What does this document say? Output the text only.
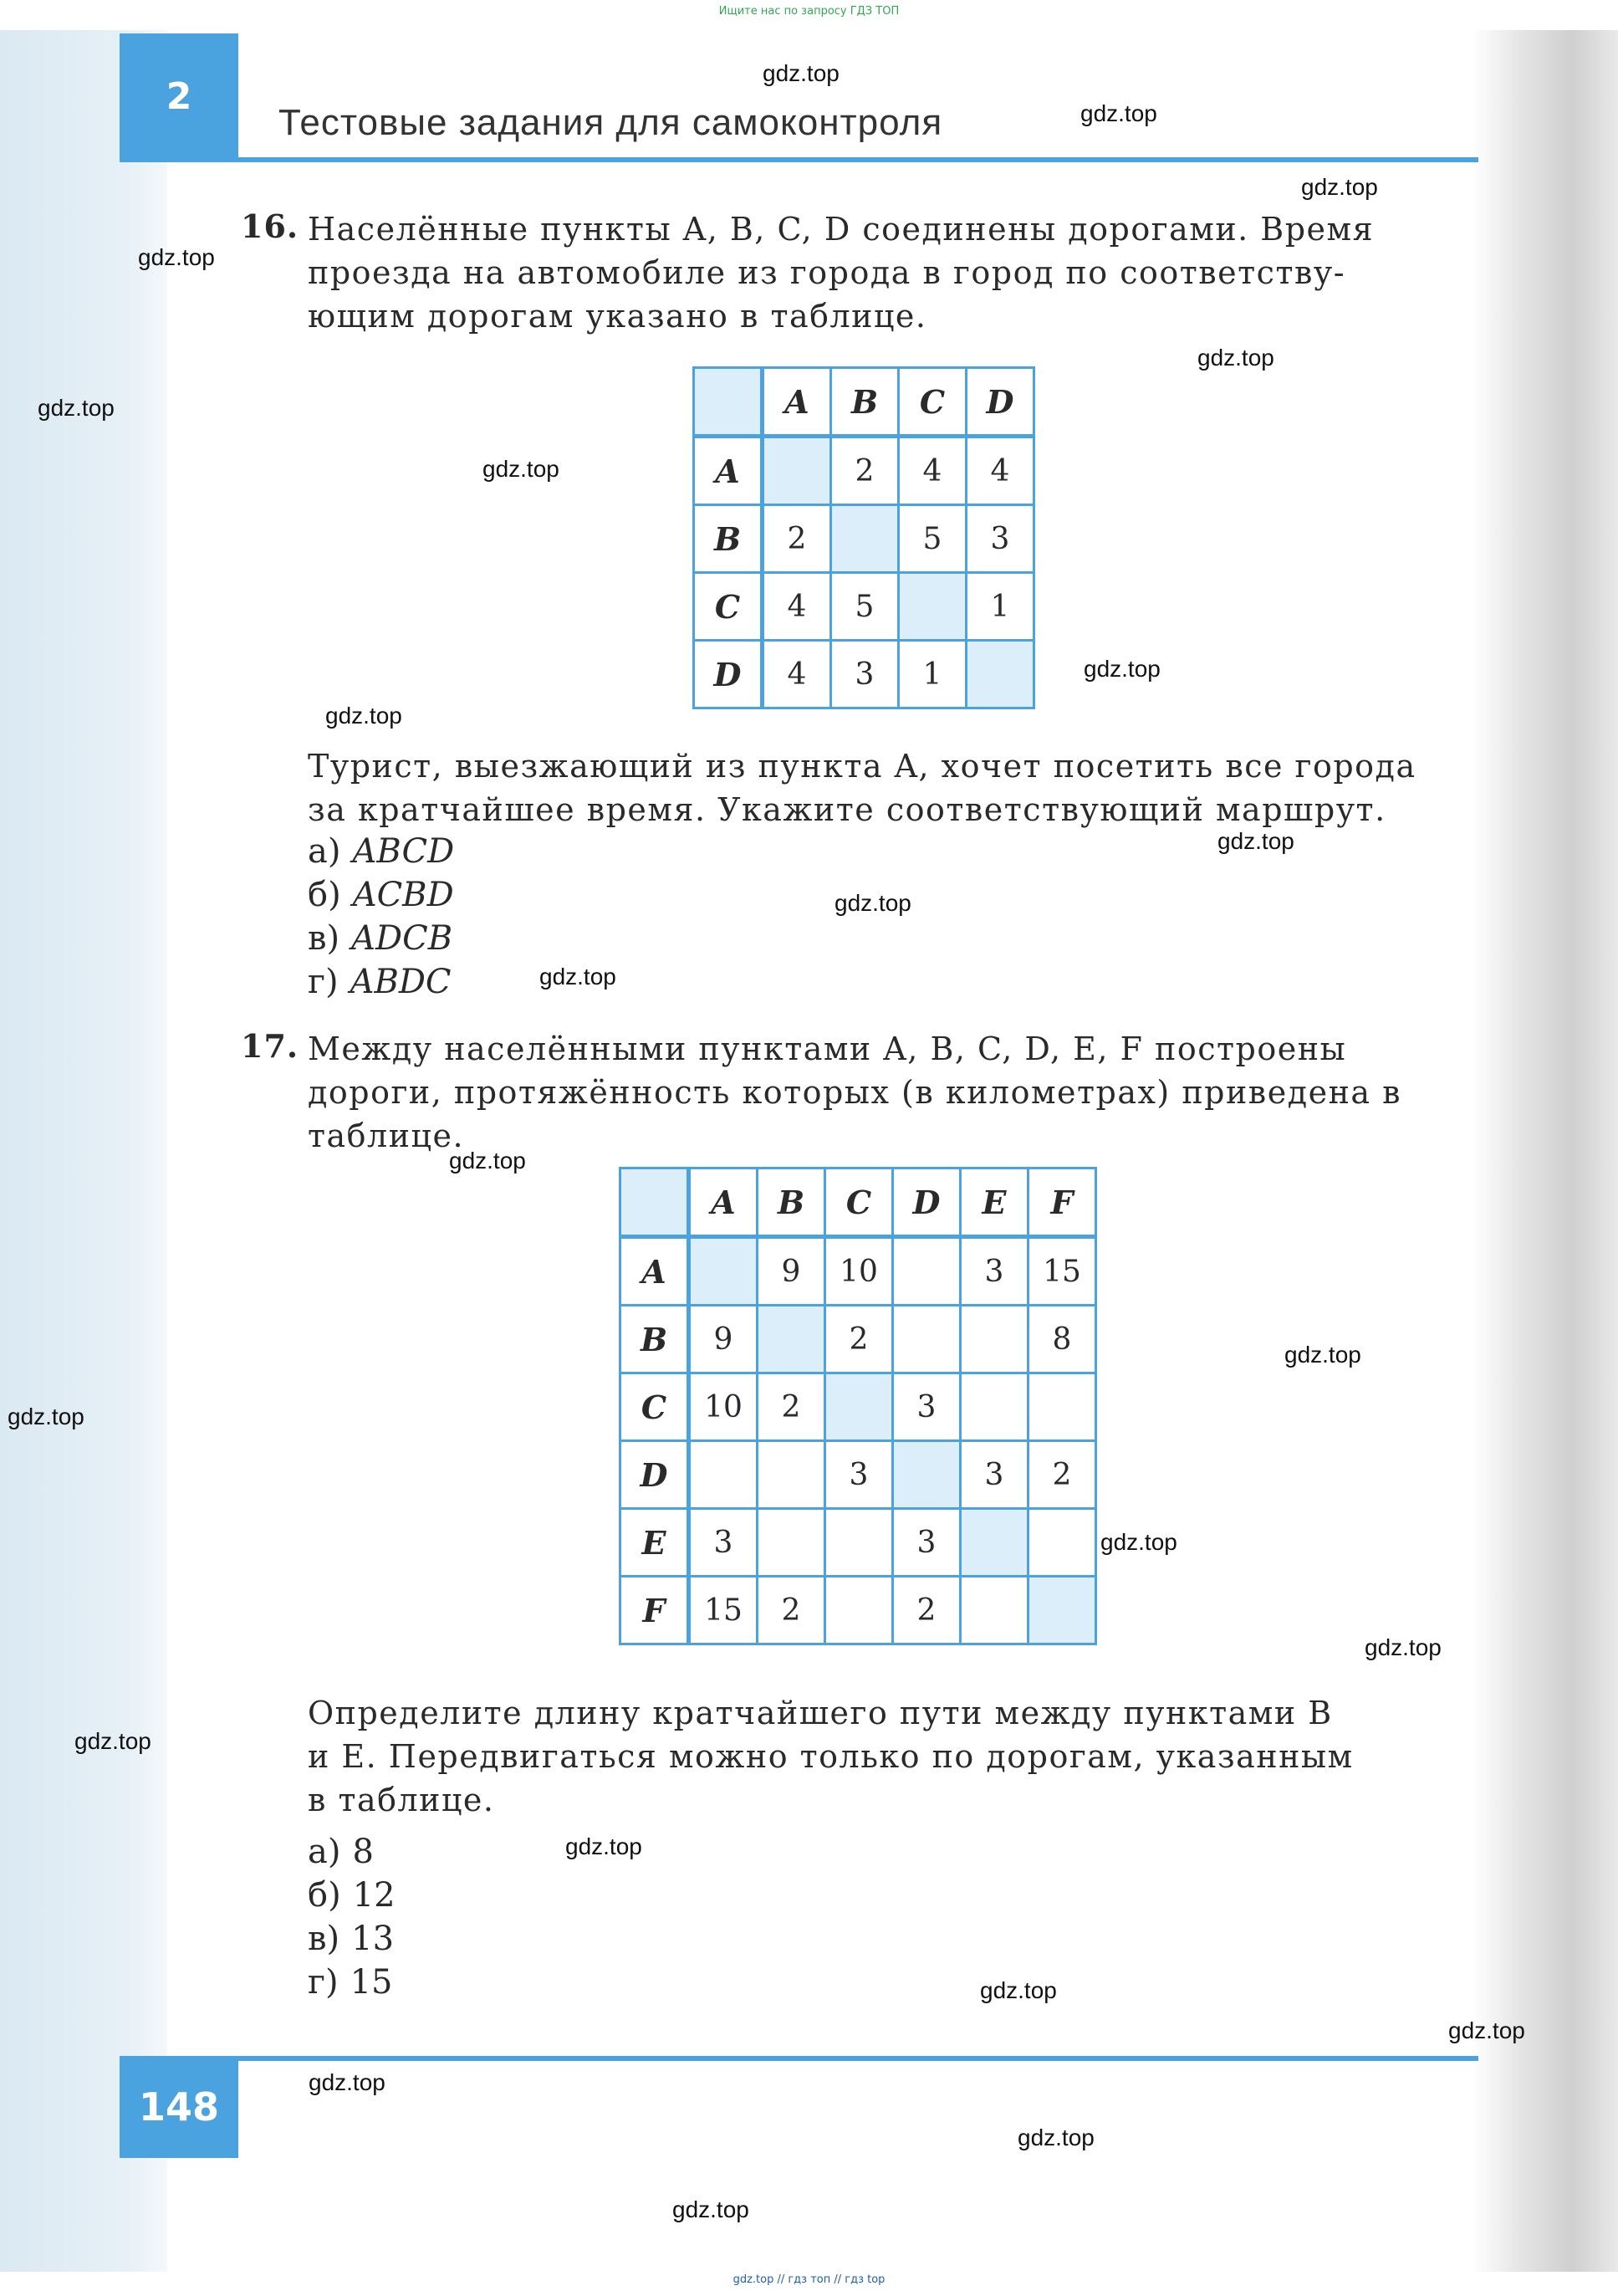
Ищите нас по запросу ГДЗ ТОП
2
Тестовые задания для самоконтроля
16. Населённые пункты A, B, C, D соединены дорогами. Время
проезда на автомобиле из города в город по соответству-
ющим дорогам указано в таблице.
	A	B	C	D
A		2	4	4
B	2		5	3
C	4	5		1
D	4	3	1	
Турист, выезжающий из пункта A, хочет посетить все города
за кратчайшее время. Укажите соответствующий маршрут.
а) ABCD
б) ACBD
в) ADCB
г) ABDC
17. Между населёнными пунктами A, B, C, D, E, F построены
дороги, протяжённость которых (в километрах) приведена в
таблице.
	A	B	C	D	E	F
A		9	10		3	15
B	9		2			8
C	10	2		3		
D			3		3	2
E	3			3		
F	15	2		2		
Определите длину кратчайшего пути между пунктами B
и E. Передвигаться можно только по дорогам, указанным
в таблице.
а) 8
б) 12
в) 13
г) 15
148
gdz.top
gdz.top
gdz.top
gdz.top
gdz.top
gdz.top
gdz.top
gdz.top
gdz.top
gdz.top
gdz.top
gdz.top
gdz.top
gdz.top
gdz.top
gdz.top
gdz.top
gdz.top
gdz.top
gdz.top
gdz.top
gdz.top
gdz.top
gdz.top
gdz.top // гдз топ // гдз top
